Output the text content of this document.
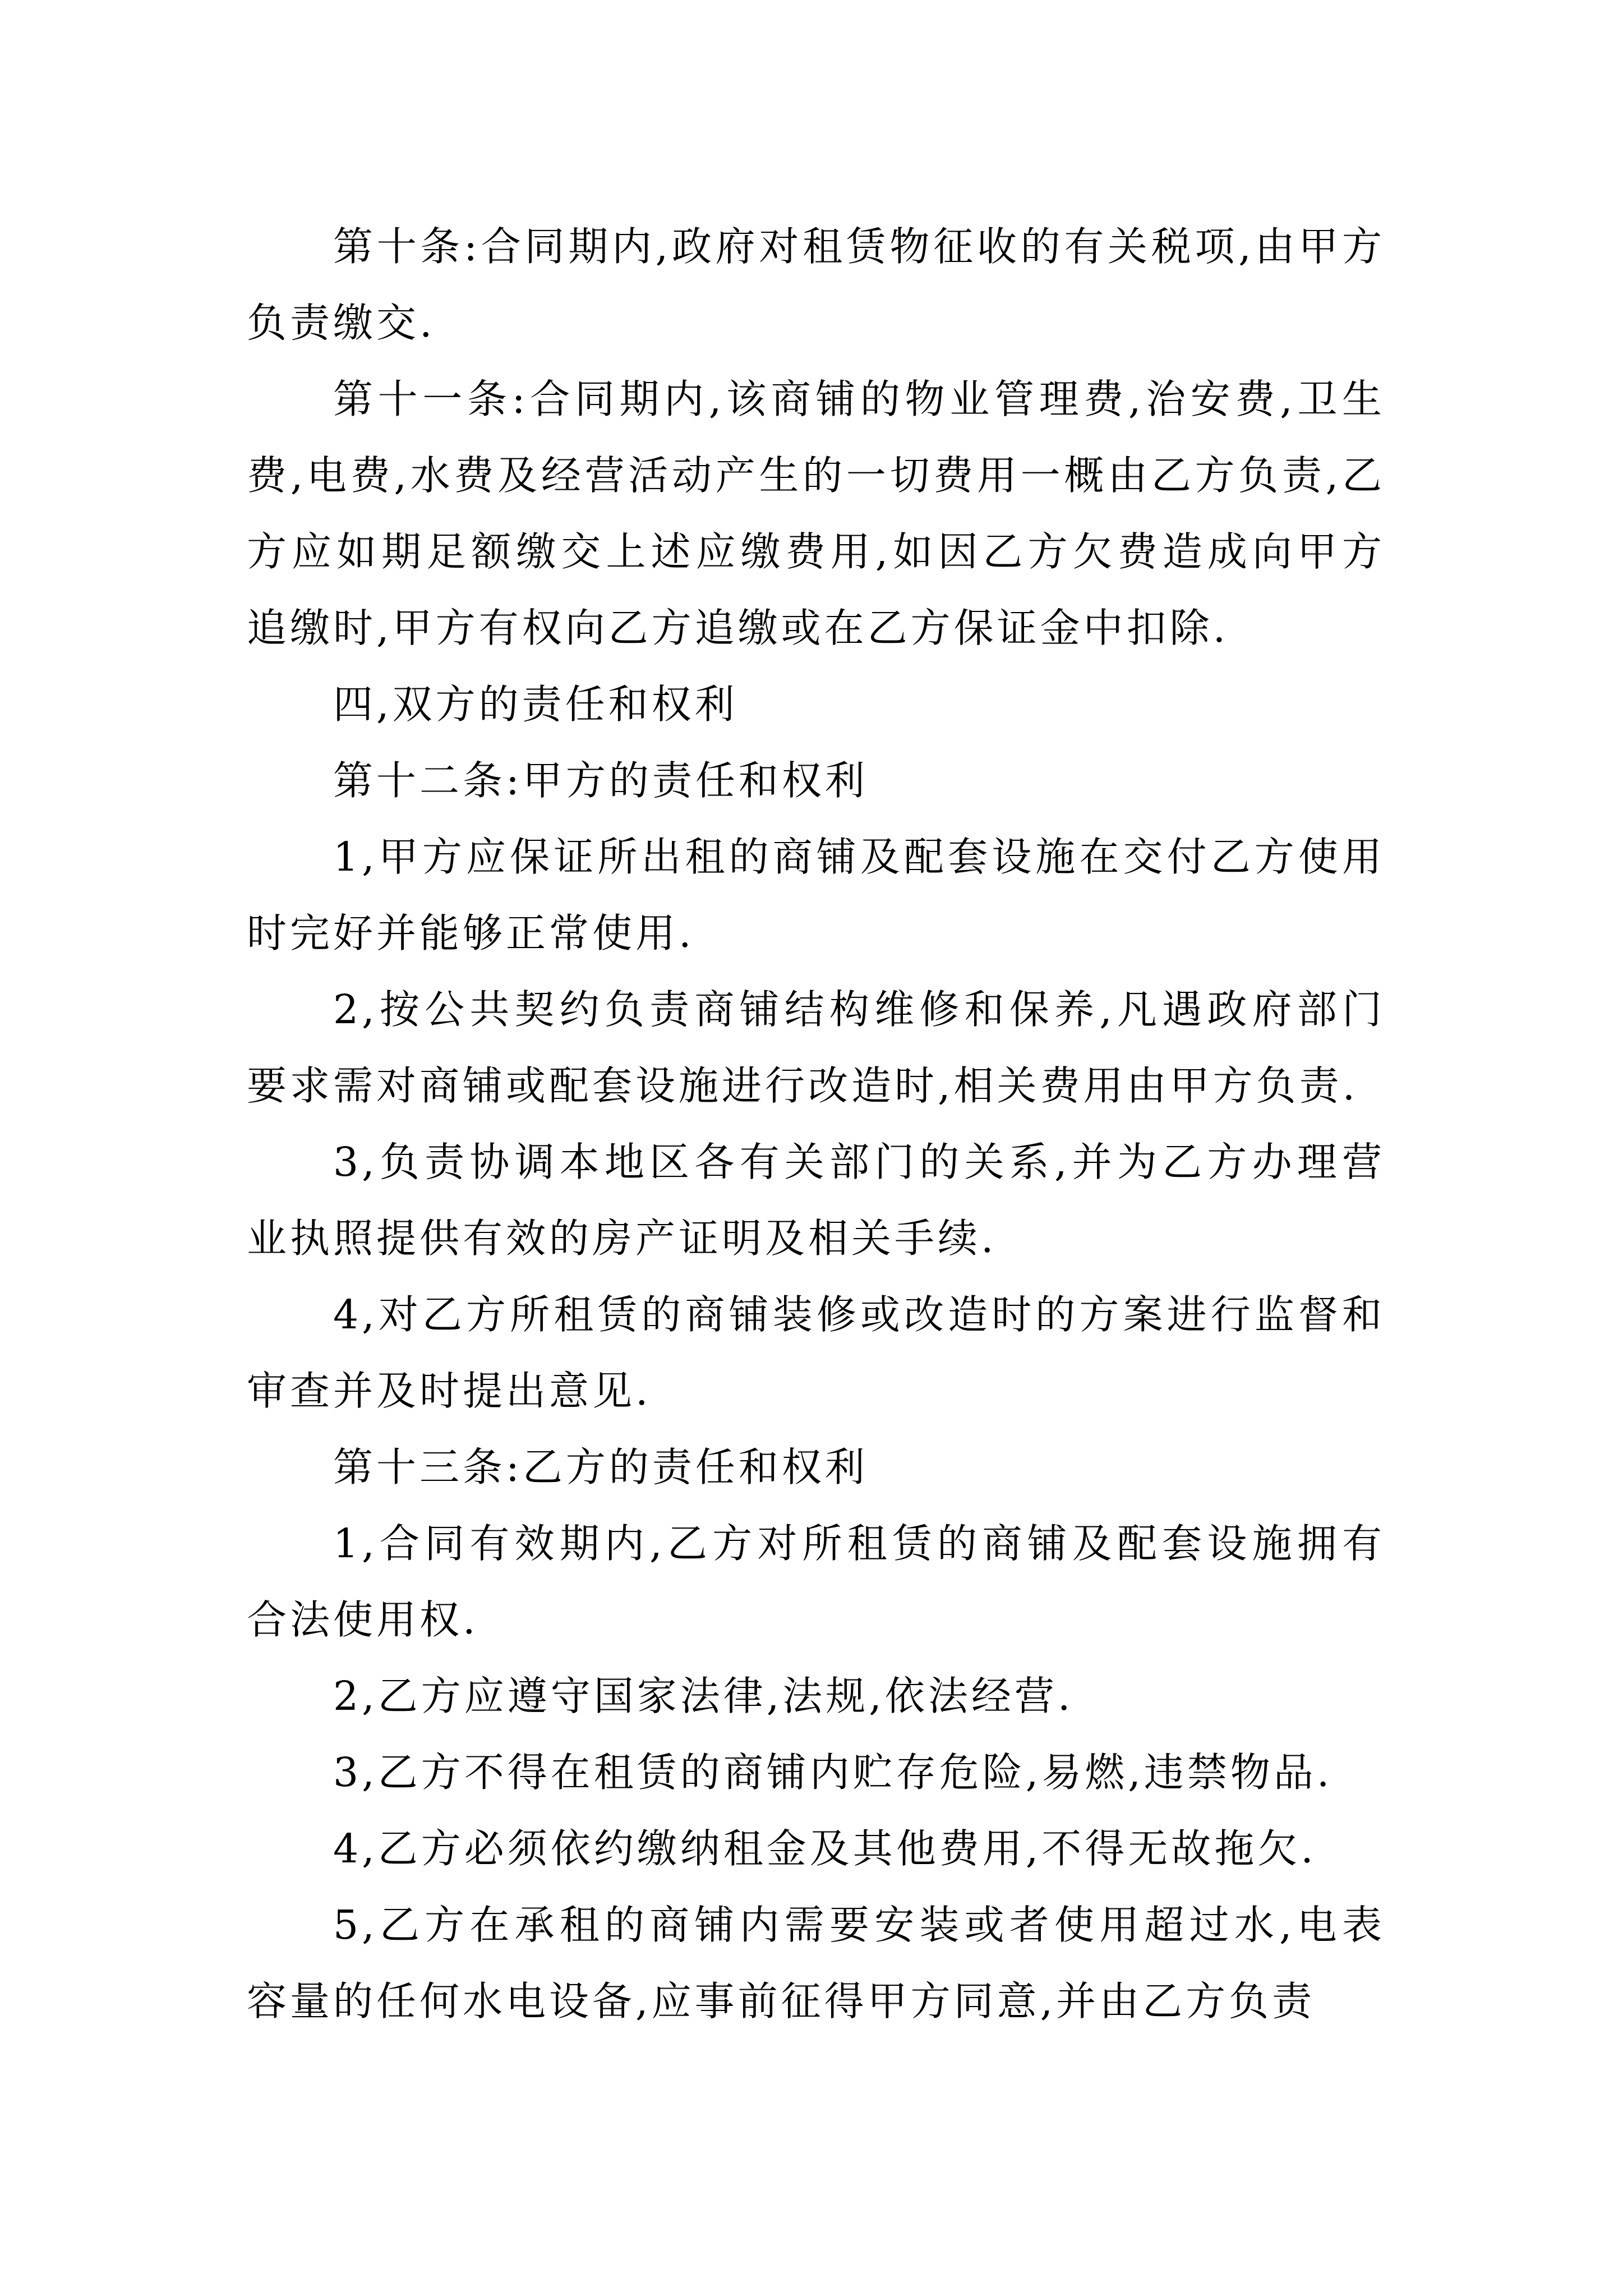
第十条:合同期内,政府对租赁物征收的有关税项,由甲方负责缴交.

第十一条:合同期内,该商铺的物业管理费,治安费,卫生费,电费,水费及经营活动产生的一切费用一概由乙方负责,乙方应如期足额缴交上述应缴费用,如因乙方欠费造成向甲方追缴时,甲方有权向乙方追缴或在乙方保证金中扣除.

四,双方的责任和权利

第十二条:甲方的责任和权利

1,甲方应保证所出租的商铺及配套设施在交付乙方使用时完好并能够正常使用.

2,按公共契约负责商铺结构维修和保养,凡遇政府部门要求需对商铺或配套设施进行改造时,相关费用由甲方负责.

3,负责协调本地区各有关部门的关系,并为乙方办理营业执照提供有效的房产证明及相关手续.

4,对乙方所租赁的商铺装修或改造时的方案进行监督和审查并及时提出意见.

第十三条:乙方的责任和权利

1,合同有效期内,乙方对所租赁的商铺及配套设施拥有合法使用权.

2,乙方应遵守国家法律,法规,依法经营.

3,乙方不得在租赁的商铺内贮存危险,易燃,违禁物品.

4,乙方必须依约缴纳租金及其他费用,不得无故拖欠.

5,乙方在承租的商铺内需要安装或者使用超过水,电表容量的任何水电设备,应事前征得甲方同意,并由乙方负责
